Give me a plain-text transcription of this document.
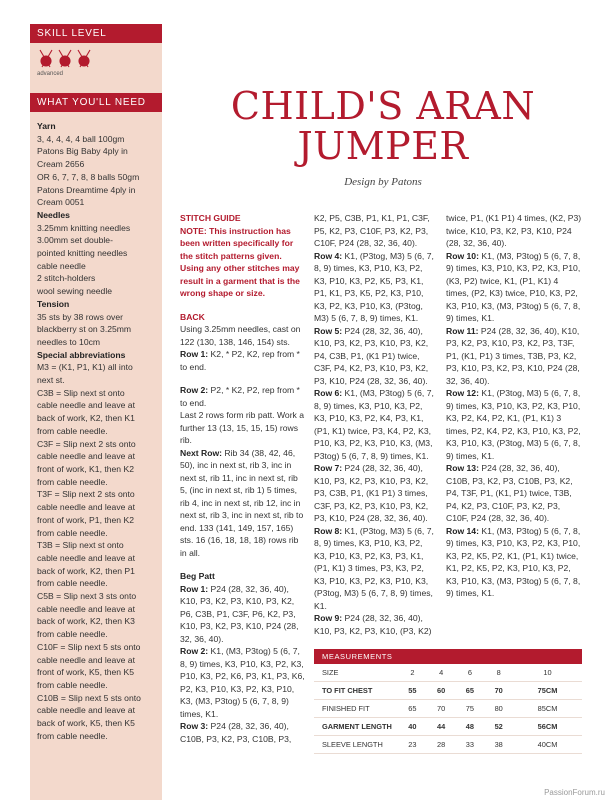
SKILL LEVEL
advanced
WHAT YOU'LL NEED

Yarn

3, 4, 4, 4, 4 ball 100gm

Patons Big Baby 4ply in

Cream 2656

OR 6, 7, 7, 8, 8 balls 50gm

Patons Dreamtime 4ply in

Cream 0051

Needles

3.25mm knitting needles

3.00mm set double-

pointed knitting needles

cable needle

2 stitch-holders

wool sewing needle

Tension

35 sts by 38 rows over

blackberry st on 3.25mm

needles to 10cm

Special abbreviations

M3 = (K1, P1, K1) all into

next st.

C3B = Slip next st onto

cable needle and leave at

back of work, K2, then K1

from cable needle.

C3F = Slip next 2 sts onto

cable needle and leave at

front of work, K1, then K2

from cable needle.

T3F = Slip next 2 sts onto

cable needle and leave at

front of work, P1, then K2

from cable needle.

T3B = Slip next st onto

cable needle and leave at

back of work, K2, then P1

from cable needle.

C5B = Slip next 3 sts onto

cable needle and leave at

back of work, K2, then K3

from cable needle.

C10F = Slip next 5 sts onto

cable needle and leave at

front of work, K5, then K5

from cable needle.

C10B = Slip next 5 sts onto

cable needle and leave at

back of work, K5, then K5

from cable needle.

CHILD'S ARAN
JUMPER
Design by Patons

STITCH GUIDE

NOTE: This instruction has been written specifically for the stitch patterns given. Using any other stitches may result in a garment that is the wrong shape or size.

BACK

Using 3.25mm needles, cast on 122 (130, 138, 146, 154) sts.

Row 1: K2, * P2, K2, rep from * to end.

Row 2: P2, * K2, P2, rep from * to end.

Last 2 rows form rib patt. Work a further 13 (13, 15, 15, 15) rows rib.

Next Row: Rib 34 (38, 42, 46, 50), inc in next st, rib 3, inc in next st, rib 11, inc in next st, rib 5, (inc in next st, rib 1) 5 times, rib 4, inc in next st, rib 12, inc in next st, rib 3, inc in next st, rib to end. 133 (141, 149, 157, 165) sts. 16 (16, 18, 18, 18) rows rib in all.

Beg Patt

Row 1: P24 (28, 32, 36, 40), K10, P3, K2, P3, K10, P3, K2, P6, C3B, P1, C3F, P6, K2, P3, K10, P3, K2, P3, K10, P24 (28, 32, 36, 40).

Row 2: K1, (M3, P3tog) 5 (6, 7, 8, 9) times, K3, P10, K3, P2, K3, P10, K3, P2, K6, P3, K1, P3, K6, P2, K3, P10, K3, P2, K3, P10, K3, (M3, P3tog) 5 (6, 7, 8, 9) times, K1.

Row 3: P24 (28, 32, 36, 40), C10B, P3, K2, P3, C10B, P3,

K2, P5, C3B, P1, K1, P1, C3F, P5, K2, P3, C10F, P3, K2, P3, C10F, P24 (28, 32, 36, 40).

Row 4: K1, (P3tog, M3) 5 (6, 7, 8, 9) times, K3, P10, K3, P2, K3, P10, K3, P2, K5, P3, K1, P1, K1, P3, K5, P2, K3, P10, K3, P2, K3, P10, K3, (P3tog, M3) 5 (6, 7, 8, 9) times, K1.

Row 5: P24 (28, 32, 36, 40), K10, P3, K2, P3, K10, P3, K2, P4, C3B, P1, (K1 P1) twice, C3F, P4, K2, P3, K10, P3, K2, P3, K10, P24 (28, 32, 36, 40).

Row 6: K1, (M3, P3tog) 5 (6, 7, 8, 9) times, K3, P10, K3, P2, K3, P10, K3, P2, K4, P3, K1, (P1, K1) twice, P3, K4, P2, K3, P10, K3, P2, K3, P10, K3, (M3, P3tog) 5 (6, 7, 8, 9) times, K1.

Row 7: P24 (28, 32, 36, 40), K10, P3, K2, P3, K10, P3, K2, P3, C3B, P1, (K1 P1) 3 times, C3F, P3, K2, P3, K10, P3, K2, P3, K10, P24 (28, 32, 36, 40).

Row 8: K1, (P3tog, M3) 5 (6, 7, 8, 9) times, K3, P10, K3, P2, K3, P10, K3, P2, K3, P3, K1, (P1, K1) 3 times, P3, K3, P2, K3, P10, K3, P2, K3, P10, K3, (P3tog, M3) 5 (6, 7, 8, 9) times, K1.

Row 9: P24 (28, 32, 36, 40), K10, P3, K2, P3, K10, (P3, K2)

twice, P1, (K1 P1) 4 times, (K2, P3) twice, K10, P3, K2, P3, K10, P24 (28, 32, 36, 40).

Row 10: K1, (M3, P3tog) 5 (6, 7, 8, 9) times, K3, P10, K3, P2, K3, P10, (K3, P2) twice, K1, (P1, K1) 4 times, (P2, K3) twice, P10, K3, P2, K3, P10, K3, (M3, P3tog) 5 (6, 7, 8, 9) times, K1.

Row 11: P24 (28, 32, 36, 40), K10, P3, K2, P3, K10, P3, K2, P3, T3F, P1, (K1, P1) 3 times, T3B, P3, K2, P3, K10, P3, K2, P3, K10, P24 (28, 32, 36, 40).

Row 12: K1, (P3tog, M3) 5 (6, 7, 8, 9) times, K3, P10, K3, P2, K3, P10, K3, P2, K4, P2, K1, (P1, K1) 3 times, P2, K4, P2, K3, P10, K3, P2, K3, P10, K3, (P3tog, M3) 5 (6, 7, 8, 9) times, K1.

Row 13: P24 (28, 32, 36, 40), C10B, P3, K2, P3, C10B, P3, K2, P4, T3F, P1, (K1, P1) twice, T3B, P4, K2, P3, C10F, P3, K2, P3, C10F, P24 (28, 32, 36, 40).

Row 14: K1, (M3, P3tog) 5 (6, 7, 8, 9) times, K3, P10, K3, P2, K3, P10, K3, P2, K5, P2, K1, (P1, K1) twice, K1, P2, K5, P2, K3, P10, K3, P2, K3, P10, K3, (M3, P3tog) 5 (6, 7, 8, 9) times, K1.

MEASUREMENTS
SIZE	2	4	6	8	10
TO FIT CHEST	55	60	65	70	75CM
FINISHED FIT	65	70	75	80	85CM
GARMENT LENGTH	40	44	48	52	56CM
SLEEVE LENGTH	23	28	33	38	40CM
PassionForum.ru
